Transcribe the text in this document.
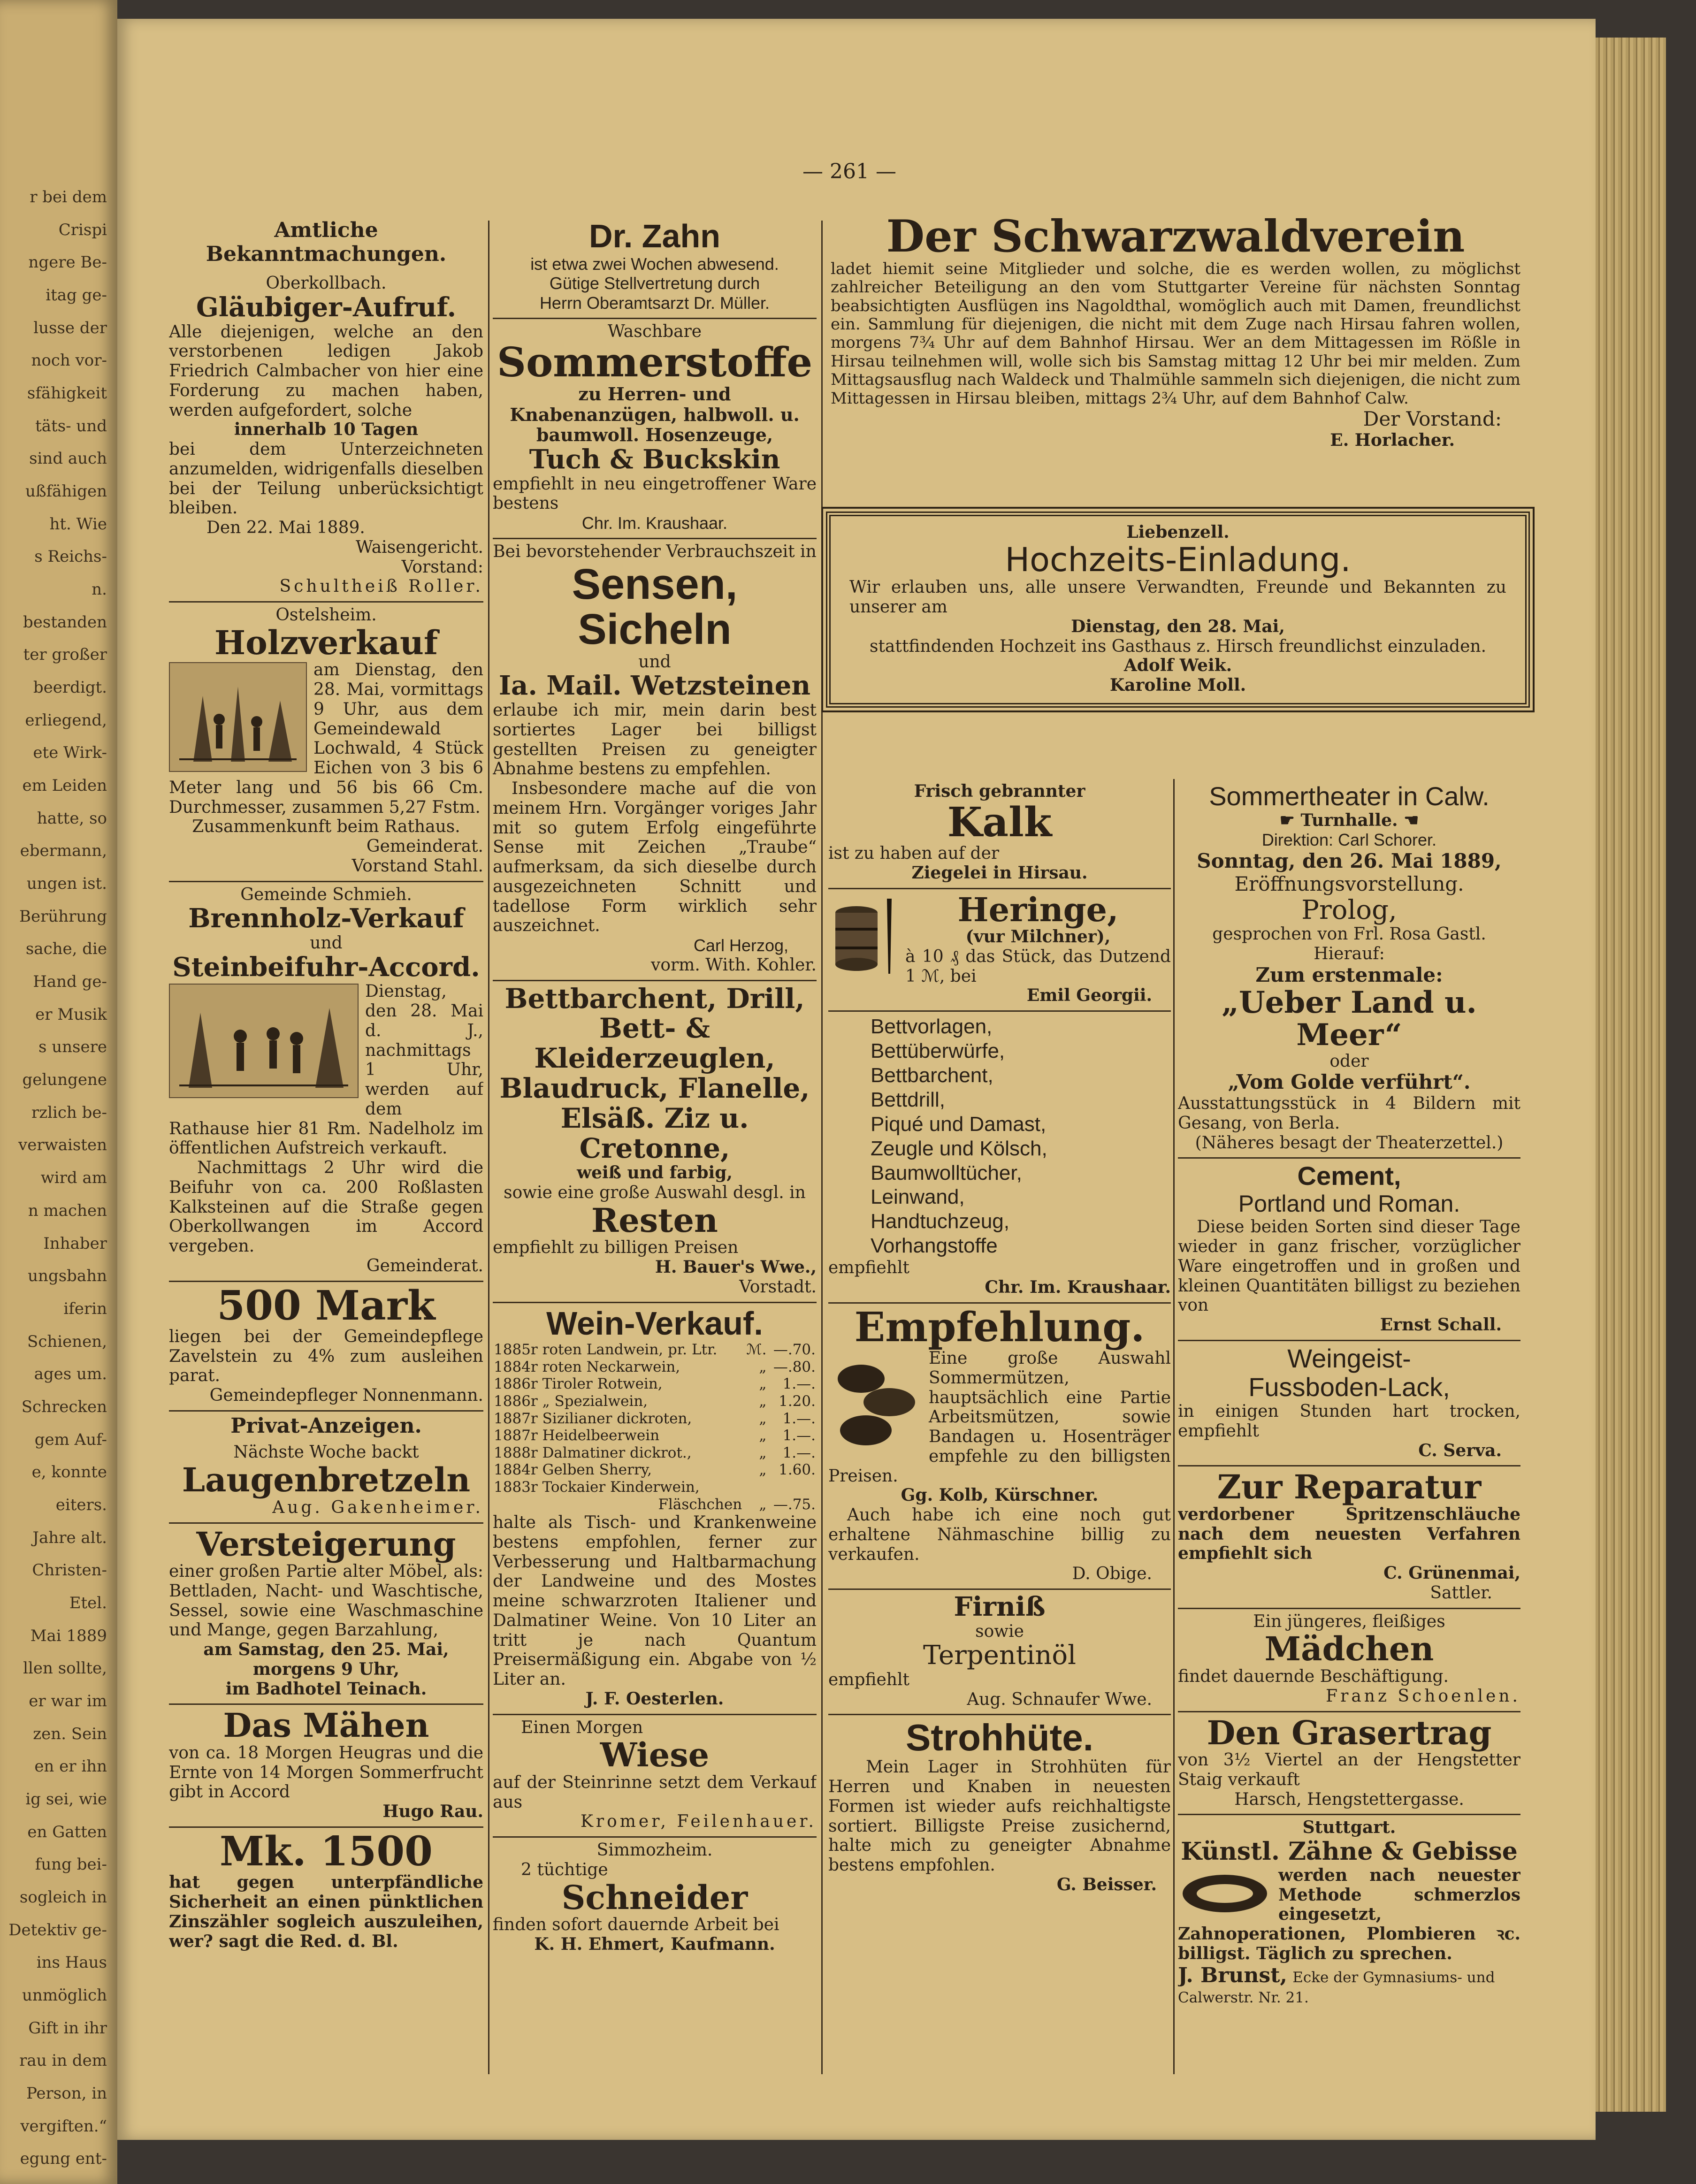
r bei dem
Crispi
ngere Be-
itag ge-
lusse der
noch vor-
sfähigkeit
täts- und
sind auch
ußfähigen
ht. Wie
s Reichs-
n.
bestanden
ter großer
beerdigt.
erliegend,
ete Wirk-
em Leiden
hatte, so
ebermann,
ungen ist.
Berührung
sache, die
Hand ge-
er Musik
s unsere
gelungene
rzlich be-
verwaisten
wird am
n machen
Inhaber
ungsbahn
iferin
Schienen,
ages um.
Schrecken
gem Auf-
e, konnte
eiters.
Jahre alt.
Christen-
Etel.
Mai 1889
llen sollte,
er war im
zen. Sein
en er ihn
ig sei, wie
en Gatten
fung bei-
sogleich in
Detektiv ge-
ins Haus
unmöglich
Gift in ihr
rau in dem
Person, in
vergiften.“
egung ent-
— 261 —
Amtliche Bekanntmachungen.
Oberkollbach.
Gläubiger-Aufruf.
Alle diejenigen, welche an den verstorbenen ledigen Jakob Friedrich Calmbacher von hier eine Forderung zu machen haben, werden aufgefordert, solche
innerhalb 10 Tagen
bei dem Unterzeichneten anzumelden, widrigenfalls dieselben bei der Teilung unberücksichtigt bleiben.
Den 22. Mai 1889.
Waisengericht.
Vorstand:
Schultheiß Roller.
Ostelsheim.
Holzverkauf
am Dienstag, den 28. Mai, vormittags 9 Uhr, aus dem Gemeindewald Lochwald, 4 Stück Eichen von 3 bis 6 Meter lang und 56 bis 66 Cm. Durchmesser, zusammen 5,27 Fstm.
Zusammenkunft beim Rathaus.
Gemeinderat.
Vorstand Stahl.
Gemeinde Schmieh.
Brennholz-Verkauf
und
Steinbeifuhr-Accord.
Dienstag, den 28. Mai d. J., nachmittags 1 Uhr, werden auf dem Rathause hier 81 Rm. Nadelholz im öffentlichen Aufstreich verkauft.
Nachmittags 2 Uhr wird die Beifuhr von ca. 200 Roßlasten Kalksteinen auf die Straße gegen Oberkollwangen im Accord vergeben.
Gemeinderat.
500 Mark
liegen bei der Gemeindepflege Zavelstein zu 4% zum ausleihen parat.
Gemeindepfleger Nonnenmann.
Privat-Anzeigen.
Nächste Woche backt
Laugenbretzeln
Aug. Gakenheimer.
Versteigerung
einer großen Partie alter Möbel, als: Bettladen, Nacht- und Waschtische, Sessel, sowie eine Waschmaschine und Mange, gegen Barzahlung,
am Samstag, den 25. Mai, morgens 9 Uhr,
im Badhotel Teinach.
Das Mähen
von ca. 18 Morgen Heugras und die Ernte von 14 Morgen Sommerfrucht gibt in Accord
Hugo Rau.
Mk. 1500
hat gegen unterpfändliche Sicherheit an einen pünktlichen Zinszähler sogleich auszuleihen, wer? sagt die Red. d. Bl.
Dr. Zahn
ist etwa zwei Wochen abwesend.
Gütige Stellvertretung durch
Herrn Oberamtsarzt Dr. Müller.
Waschbare
Sommerstoffe
zu Herren- und Knabenanzügen, halbwoll. u. baumwoll. Hosenzeuge,
Tuch & Buckskin
empfiehlt in neu eingetroffener Ware bestens
Chr. Im. Kraushaar.
Bei bevorstehender Verbrauchszeit in
Sensen, Sicheln
und
Ia. Mail. Wetzsteinen
erlaube ich mir, mein darin best sortiertes Lager bei billigst gestellten Preisen zu geneigter Abnahme bestens zu empfehlen.
Insbesondere mache auf die von meinem Hrn. Vorgänger voriges Jahr mit so gutem Erfolg eingeführte Sense mit Zeichen „Traube“ aufmerksam, da sich dieselbe durch ausgezeichneten Schnitt und tadellose Form wirklich sehr auszeichnet.
Carl Herzog,
vorm. With. Kohler.
Bettbarchent, Drill, Bett- & Kleiderzeuglen, Blaudruck, Flanelle, Elsäß. Ziz u. Cretonne,
weiß und farbig,
sowie eine große Auswahl desgl. in
Resten
empfiehlt zu billigen Preisen
H. Bauer's Wwe.,
Vorstadt.
Wein-Verkauf.
1885r roten Landwein, pr. Ltr.	ℳ.	—.70.
1884r roten Neckarwein,	„	—.80.
1886r Tiroler Rotwein,	„	1.—.
1886r „ Spezialwein,	„	1.20.
1887r Sizilianer dickroten,	„	1.—.
1887r Heidelbeerwein	„	1.—.
1888r Dalmatiner dickrot.,	„	1.—.
1884r Gelben Sherry,	„	1.60.
1883r Tockaier Kinderwein,		
Fläschchen	„	—.75.
halte als Tisch- und Krankenweine bestens empfohlen, ferner zur Verbesserung und Haltbarmachung der Landweine und des Mostes meine schwarzroten Italiener und Dalmatiner Weine. Von 10 Liter an tritt je nach Quantum Preisermäßigung ein. Abgabe von ½ Liter an.
J. F. Oesterlen.
Einen Morgen
Wiese
auf der Steinrinne setzt dem Verkauf aus
Kromer, Feilenhauer.
Simmozheim.
2 tüchtige
Schneider
finden sofort dauernde Arbeit bei
K. H. Ehmert, Kaufmann.
Der Schwarzwaldverein
ladet hiemit seine Mitglieder und solche, die es werden wollen, zu möglichst zahlreicher Beteiligung an den vom Stuttgarter Vereine für nächsten Sonntag beabsichtigten Ausflügen ins Nagoldthal, womöglich auch mit Damen, freundlichst ein. Sammlung für diejenigen, die nicht mit dem Zuge nach Hirsau fahren wollen, morgens 7¾ Uhr auf dem Bahnhof Hirsau. Wer an dem Mittagessen im Rößle in Hirsau teilnehmen will, wolle sich bis Samstag mittag 12 Uhr bei mir melden. Zum Mittagsausflug nach Waldeck und Thalmühle sammeln sich diejenigen, die nicht zum Mittagessen in Hirsau bleiben, mittags 2¾ Uhr, auf dem Bahnhof Calw.
Der Vorstand:
E. Horlacher.
Liebenzell.
Hochzeits-Einladung.
Wir erlauben uns, alle unsere Verwandten, Freunde und Bekannten zu unserer am
Dienstag, den 28. Mai,
stattfindenden Hochzeit ins Gasthaus z. Hirsch freundlichst einzuladen.
Adolf Weik.
Karoline Moll.
Frisch gebrannter
Kalk
ist zu haben auf der
Ziegelei in Hirsau.
Heringe,
(vur Milchner),
à 10 ₰ das Stück, das Dutzend 1 ℳ, bei
Emil Georgii.
Bettvorlagen,
Bettüberwürfe,
Bettbarchent,
Bettdrill,
Piqué und Damast,
Zeugle und Kölsch,
Baumwolltücher,
Leinwand,
Handtuchzeug,
Vorhangstoffe
empfiehlt
Chr. Im. Kraushaar.
Empfehlung.
Eine große Auswahl Sommermützen, hauptsächlich eine Partie Arbeitsmützen, sowie Bandagen u. Hosenträger empfehle zu den billigsten Preisen.
Gg. Kolb, Kürschner.
Auch habe ich eine noch gut erhaltene Nähmaschine billig zu verkaufen.
D. Obige.
Firniß
sowie
Terpentinöl
empfiehlt
Aug. Schnaufer Wwe.
Strohhüte.
Mein Lager in Strohhüten für Herren und Knaben in neuesten Formen ist wieder aufs reichhaltigste sortiert. Billigste Preise zusichernd, halte mich zu geneigter Abnahme bestens empfohlen.
G. Beisser.
Sommertheater in Calw.
☛ Turnhalle. ☚
Direktion: Carl Schorer.
Sonntag, den 26. Mai 1889,
Eröffnungsvorstellung.
Prolog,
gesprochen von Frl. Rosa Gastl.
Hierauf:
Zum erstenmale:
„Ueber Land u. Meer“
oder
„Vom Golde verführt“.
Ausstattungsstück in 4 Bildern mit Gesang, von Berla.
(Näheres besagt der Theaterzettel.)
Cement,
Portland und Roman.
Diese beiden Sorten sind dieser Tage wieder in ganz frischer, vorzüglicher Ware eingetroffen und in großen und kleinen Quantitäten billigst zu beziehen von
Ernst Schall.
Weingeist-
Fussboden-Lack,
in einigen Stunden hart trocken, empfiehlt
C. Serva.
Zur Reparatur
verdorbener Spritzenschläuche nach dem neuesten Verfahren empfiehlt sich
C. Grünenmai,
Sattler.
Ein jüngeres, fleißiges
Mädchen
findet dauernde Beschäftigung.
Franz Schoenlen.
Den Grasertrag
von 3½ Viertel an der Hengstetter Staig verkauft
Harsch, Hengstettergasse.
Stuttgart.
Künstl. Zähne & Gebisse
werden nach neuester Methode schmerzlos eingesetzt, Zahnoperationen, Plombieren ꝛc. billigst. Täglich zu sprechen.
J. Brunst, Ecke der Gymnasiums- und Calwerstr. Nr. 21.
